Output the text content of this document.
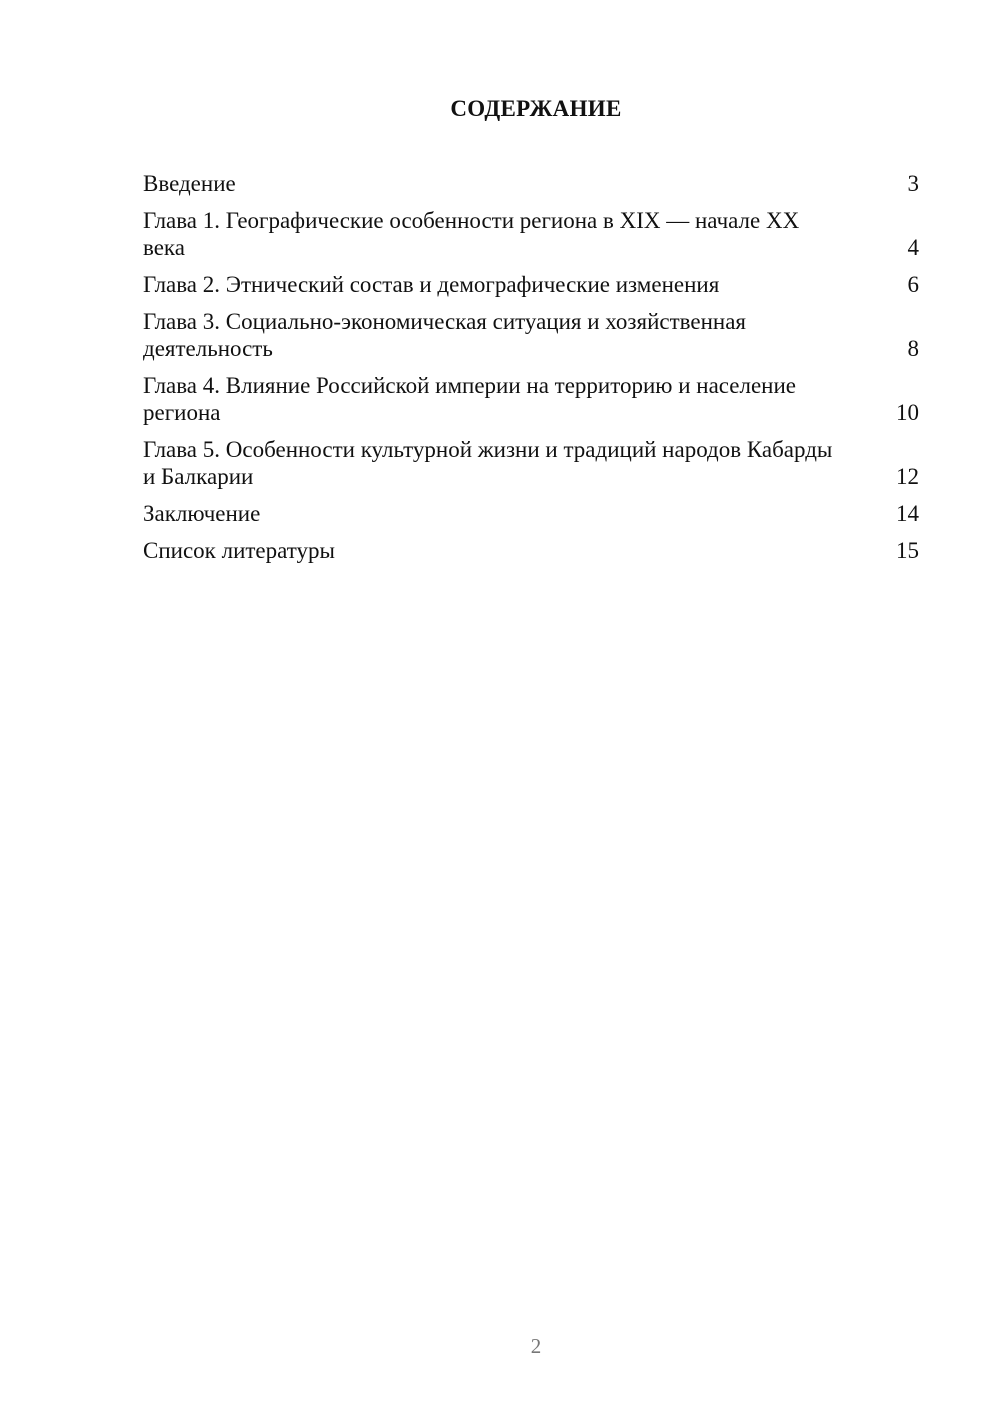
СОДЕРЖАНИЕ
Введение	3
Глава 1. Географические особенности региона в XIX — начале XX века	4
Глава 2. Этнический состав и демографические изменения	6
Глава 3. Социально-экономическая ситуация и хозяйственная деятельность	8
Глава 4. Влияние Российской империи на территорию и население региона	10
Глава 5. Особенности культурной жизни и традиций народов Кабарды и Балкарии	12
Заключение	14
Список литературы	15
2
